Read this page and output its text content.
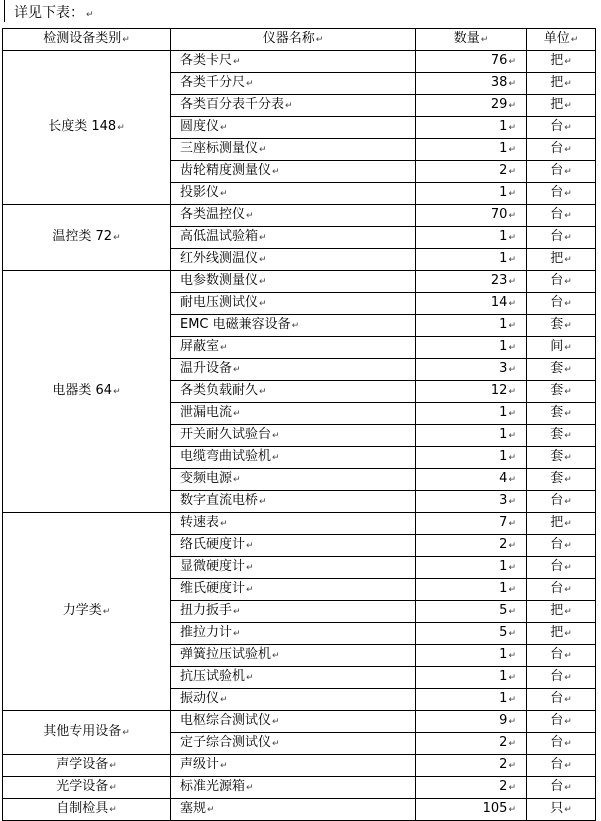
详见下表： ↵
检测设备类别↵	仪器名称↵	数量↵	单位↵
长度类 148↵	各类卡尺↵	76↵	把↵
	各类千分尺↵	38↵	把↵
	各类百分表千分表↵	29↵	把↵
	圆度仪↵	1↵	台↵
	三座标测量仪↵	1↵	台↵
	齿轮精度测量仪↵	2↵	台↵
	投影仪↵	1↵	台↵
温控类 72↵	各类温控仪↵	70↵	台↵
	高低温试验箱↵	1↵	台↵
	红外线测温仪↵	1↵	把↵
电器类 64↵	电参数测量仪↵	23↵	台↵
	耐电压测试仪↵	14↵	台↵
	EMC 电磁兼容设备↵	1↵	套↵
	屏蔽室↵	1↵	间↵
	温升设备↵	3↵	套↵
	各类负载耐久↵	12↵	套↵
	泄漏电流↵	1↵	套↵
	开关耐久试验台↵	1↵	套↵
	电缆弯曲试验机↵	1↵	套↵
	变频电源↵	4↵	套↵
	数字直流电桥↵	3↵	台↵
力学类↵	转速表↵	7↵	把↵
	络氏硬度计↵	2↵	台↵
	显微硬度计↵	1↵	台↵
	维氏硬度计↵	1↵	台↵
	扭力扳手↵	5↵	把↵
	推拉力计↵	5↵	把↵
	弹簧拉压试验机↵	1↵	台↵
	抗压试验机↵	1↵	台↵
	振动仪↵	1↵	台↵
其他专用设备↵	电枢综合测试仪↵	9↵	台↵
	定子综合测试仪↵	2↵	台↵
声学设备↵	声级计↵	2↵	台↵
光学设备↵	标准光源箱↵	2↵	台↵
自制检具↵	塞规↵	105↵	只↵
